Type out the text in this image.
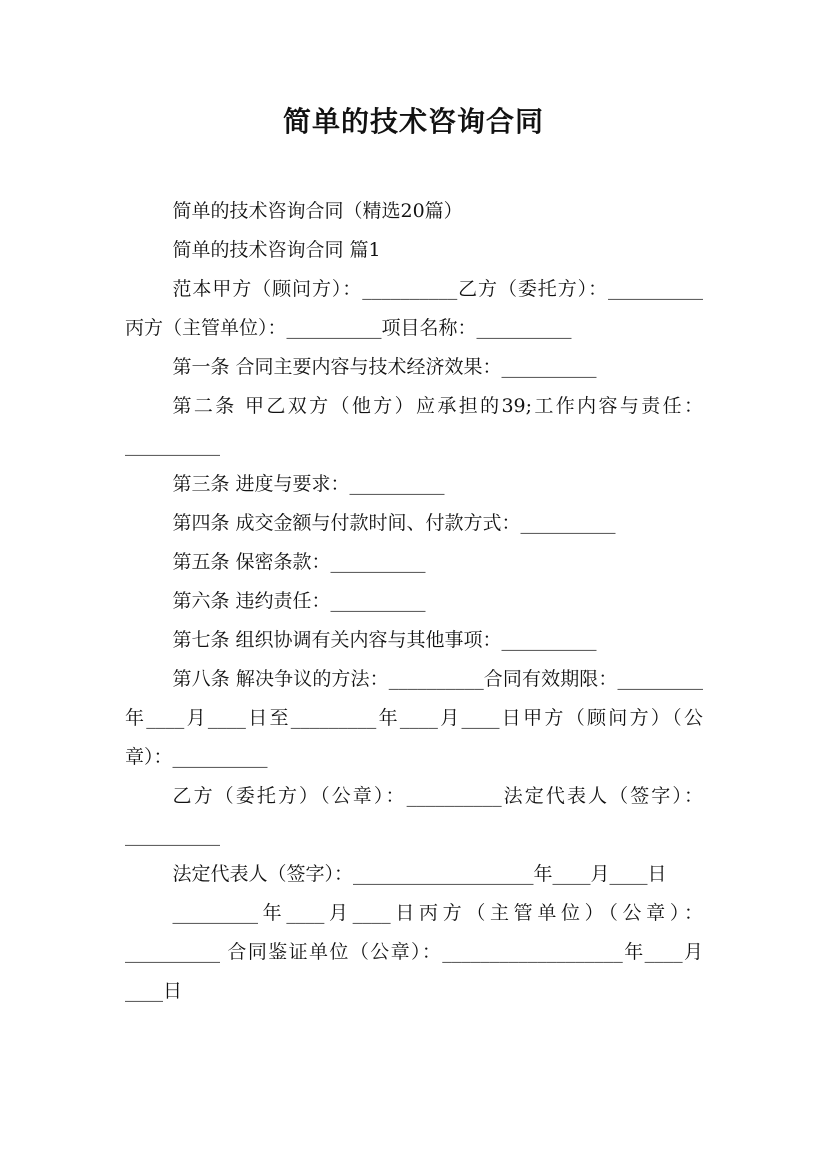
简单的技术咨询合同

简单的技术咨询合同（精选20篇）

简单的技术咨询合同 篇1

范本甲方（顾问方）：__________乙方（委托方）：__________丙方（主管单位）：__________项目名称：__________

第一条 合同主要内容与技术经济效果：__________

第二条 甲乙双方（他方）应承担的39;工作内容与责任：__________

第三条 进度与要求：__________

第四条 成交金额与付款时间、付款方式：__________

第五条 保密条款：__________

第六条 违约责任：__________

第七条 组织协调有关内容与其他事项：__________

第八条 解决争议的方法：__________合同有效期限：_________年____月____日至_________年____月____日甲方（顾问方）（公章）：__________

乙方（委托方）（公章）：__________法定代表人（签字）：__________

法定代表人（签字）：___________________年____月____日

_________年____月____日丙方（主管单位）（公章）：__________ 合同鉴证单位（公章）：___________________年____月____日
